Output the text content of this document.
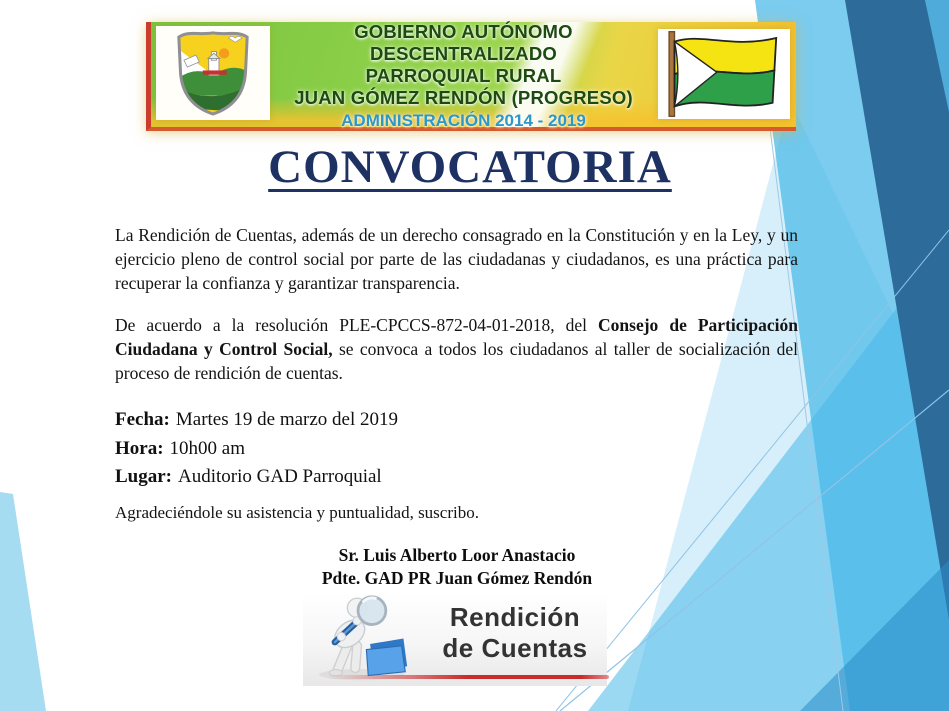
GOBIERNO AUTÓNOMO DESCENTRALIZADO
PARROQUIAL RURAL
JUAN GÓMEZ RENDÓN (PROGRESO)
ADMINISTRACIÓN 2014 - 2019
CONVOCATORIA

La Rendición de Cuentas, además de un derecho consagrado en la Constitución y en la Ley, y un ejercicio pleno de control social por parte de las ciudadanas y ciudadanos, es una práctica para recuperar la confianza y garantizar transparencia.

De acuerdo a la resolución PLE-CPCCS-872-04-01-2018, del Consejo de Participación Ciudadana y Control Social, se convoca a todos los ciudadanos al taller de socialización del proceso de rendición de cuentas.

Fecha: Martes 19 de marzo del 2019
Hora: 10h00 am
Lugar: Auditorio GAD Parroquial

Agradeciéndole su asistencia y puntualidad, suscribo.

Sr. Luis Alberto Loor Anastacio
Pdte. GAD PR Juan Gómez Rendón
Rendición
de Cuentas
